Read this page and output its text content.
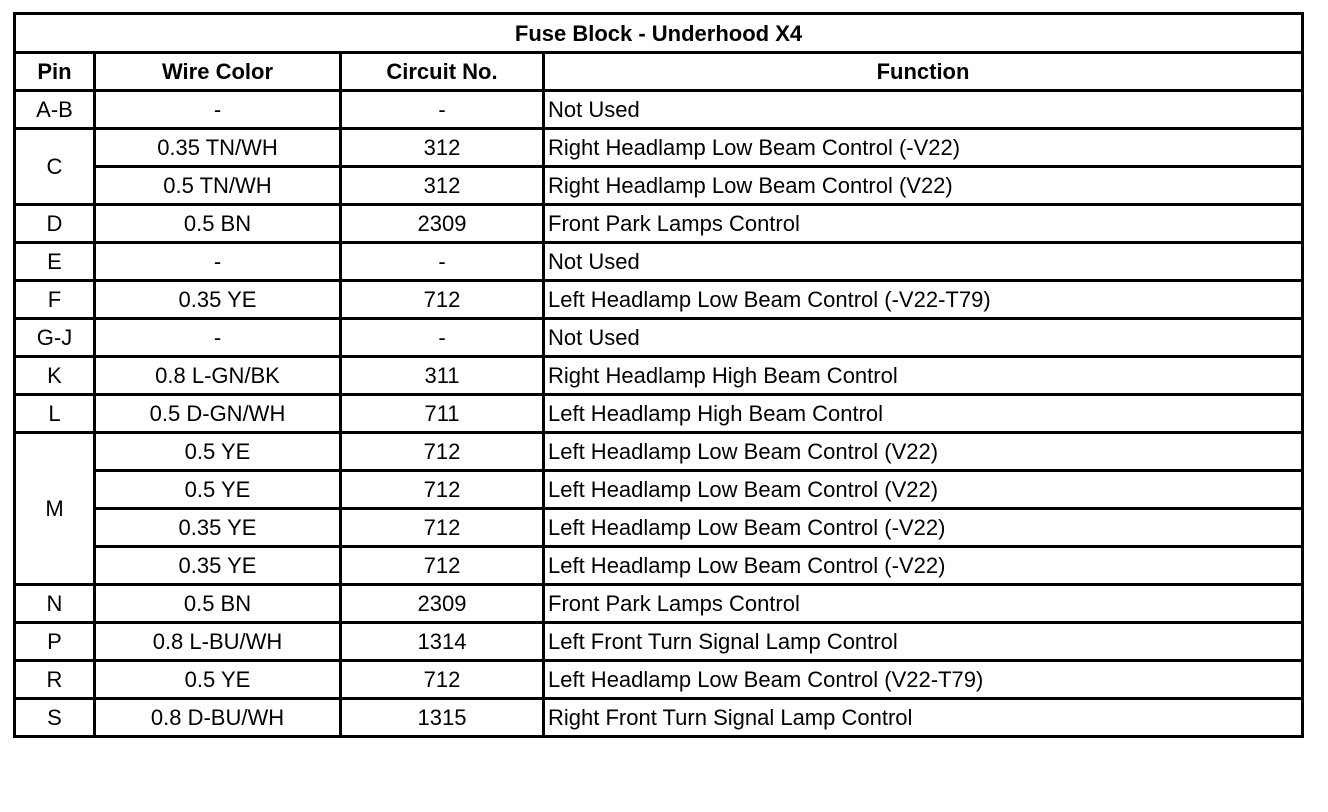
Fuse Block - Underhood X4			
Pin	Wire Color	Circuit No.	Function
A-B	-	-	Not Used
C	0.35 TN/WH	312	Right Headlamp Low Beam Control (-V22)
	0.5 TN/WH	312	Right Headlamp Low Beam Control (V22)
D	0.5 BN	2309	Front Park Lamps Control
E	-	-	Not Used
F	0.35 YE	712	Left Headlamp Low Beam Control (-V22-T79)
G-J	-	-	Not Used
K	0.8 L-GN/BK	311	Right Headlamp High Beam Control
L	0.5 D-GN/WH	711	Left Headlamp High Beam Control
M	0.5 YE	712	Left Headlamp Low Beam Control (V22)
	0.5 YE	712	Left Headlamp Low Beam Control (V22)
	0.35 YE	712	Left Headlamp Low Beam Control (-V22)
	0.35 YE	712	Left Headlamp Low Beam Control (-V22)
N	0.5 BN	2309	Front Park Lamps Control
P	0.8 L-BU/WH	1314	Left Front Turn Signal Lamp Control
R	0.5 YE	712	Left Headlamp Low Beam Control (V22-T79)
S	0.8 D-BU/WH	1315	Right Front Turn Signal Lamp Control
